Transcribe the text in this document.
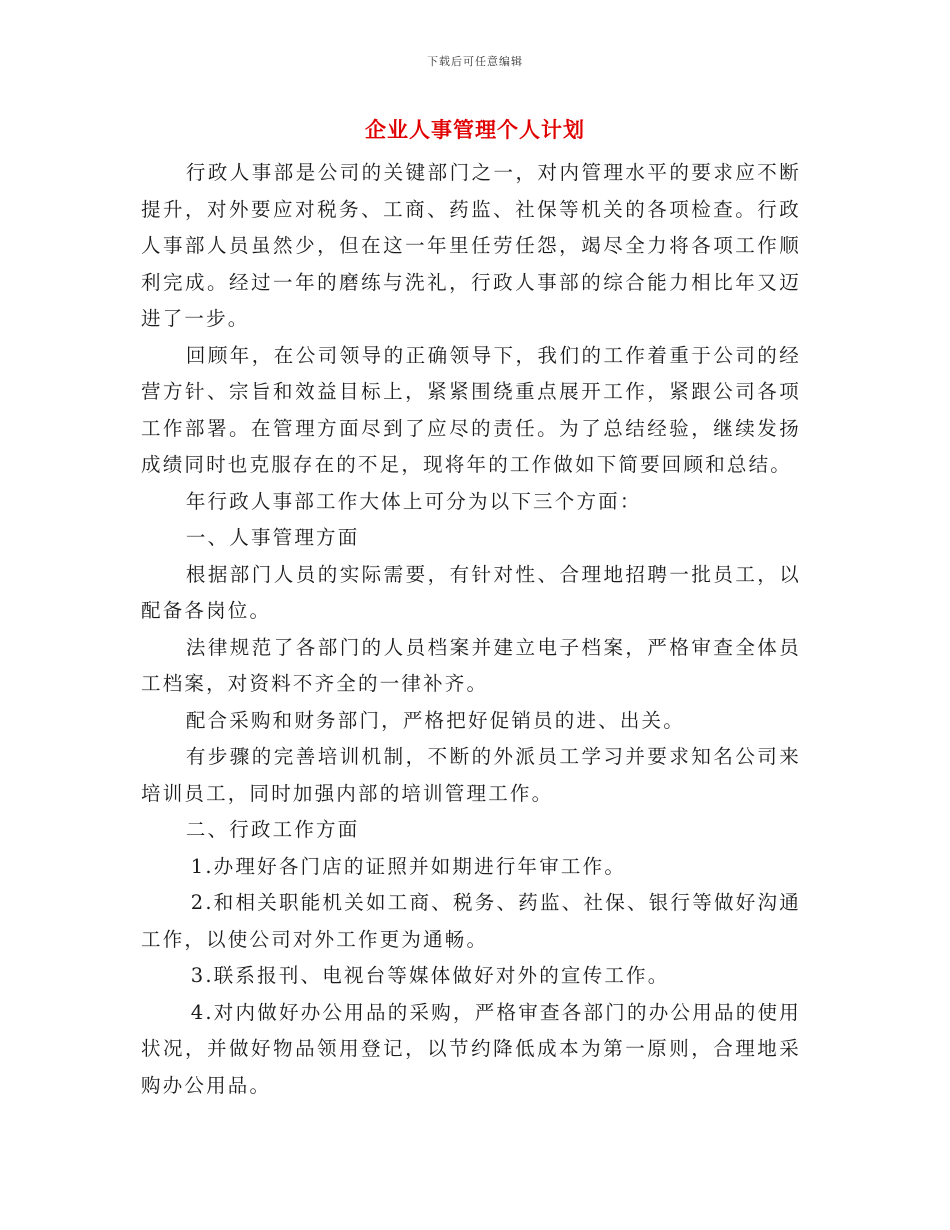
下载后可任意编辑
企业人事管理个人计划

行政人事部是公司的关键部门之一，对内管理水平的要求应不断提升，对外要应对税务、工商、药监、社保等机关的各项检查。行政人事部人员虽然少，但在这一年里任劳任怨，竭尽全力将各项工作顺利完成。经过一年的磨练与洗礼，行政人事部的综合能力相比年又迈进了一步。

回顾年，在公司领导的正确领导下，我们的工作着重于公司的经营方针、宗旨和效益目标上，紧紧围绕重点展开工作，紧跟公司各项工作部署。在管理方面尽到了应尽的责任。为了总结经验，继续发扬成绩同时也克服存在的不足，现将年的工作做如下简要回顾和总结。

年行政人事部工作大体上可分为以下三个方面：

一、人事管理方面

根据部门人员的实际需要，有针对性、合理地招聘一批员工，以配备各岗位。

法律规范了各部门的人员档案并建立电子档案，严格审查全体员工档案，对资料不齐全的一律补齐。

配合采购和财务部门，严格把好促销员的进、出关。

有步骤的完善培训机制，不断的外派员工学习并要求知名公司来培训员工，同时加强内部的培训管理工作。

二、行政工作方面

1.办理好各门店的证照并如期进行年审工作。

2.和相关职能机关如工商、税务、药监、社保、银行等做好沟通工作，以使公司对外工作更为通畅。

3.联系报刊、电视台等媒体做好对外的宣传工作。

4.对内做好办公用品的采购，严格审查各部门的办公用品的使用状况，并做好物品领用登记，以节约降低成本为第一原则，合理地采购办公用品。
